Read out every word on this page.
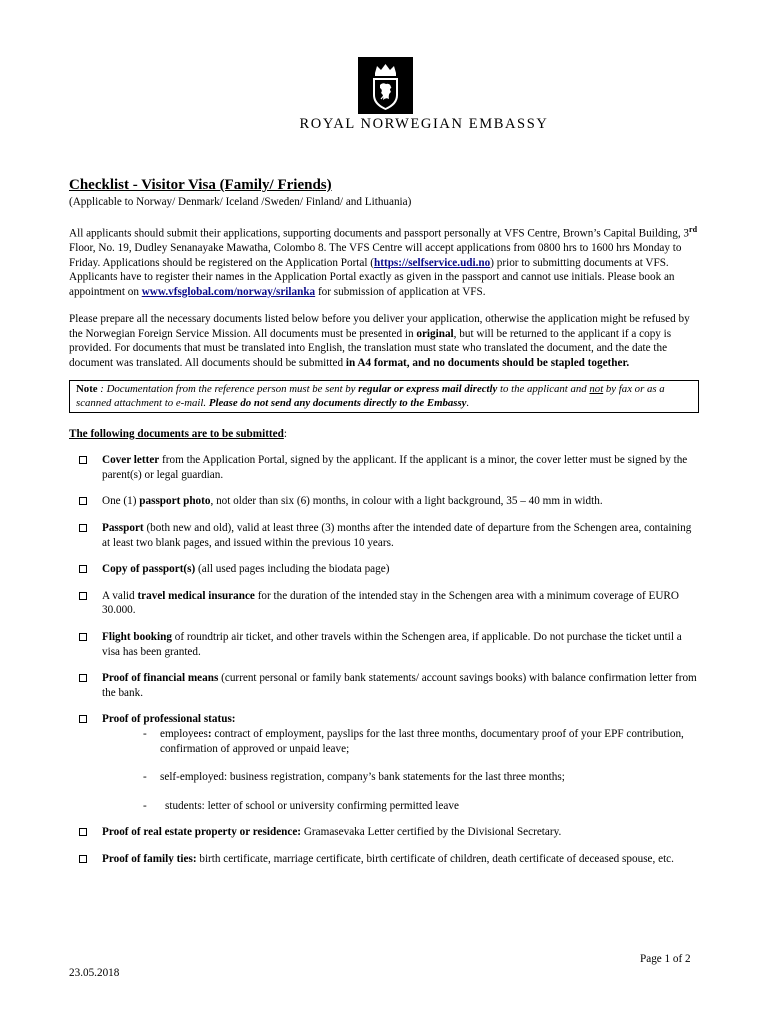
ROYAL NORWEGIAN EMBASSY
Checklist - Visitor Visa (Family/ Friends)
(Applicable to Norway/ Denmark/ Iceland /Sweden/ Finland/ and Lithuania)

All applicants should submit their applications, supporting documents and passport personally at VFS Centre, Brown’s Capital Building, 3rd Floor, No. 19, Dudley Senanayake Mawatha, Colombo 8. The VFS Centre will accept applications from 0800 hrs to 1600 hrs Monday to Friday. Applications should be registered on the Application Portal (https://selfservice.udi.no) prior to submitting documents at VFS. Applicants have to register their names in the Application Portal exactly as given in the passport and cannot use initials. Please book an appointment on www.vfsglobal.com/norway/srilanka for submission of application at VFS.

Please prepare all the necessary documents listed below before you deliver your application, otherwise the application might be refused by the Norwegian Foreign Service Mission. All documents must be presented in original, but will be returned to the applicant if a copy is provided. For documents that must be translated into English, the translation must state who translated the document, and the date the document was translated. All documents should be submitted in A4 format, and no documents should be stapled together.

Note : Documentation from the reference person must be sent by regular or express mail directly to the applicant and not by fax or as a scanned attachment to e-mail. Please do not send any documents directly to the Embassy.
The following documents are to be submitted:
Cover letter from the Application Portal, signed by the applicant. If the applicant is a minor, the cover letter must be signed by the parent(s) or legal guardian.
One (1) passport photo, not older than six (6) months, in colour with a light background, 35 – 40 mm in width.
Passport (both new and old), valid at least three (3) months after the intended date of departure from the Schengen area, containing at least two blank pages, and issued within the previous 10 years.
Copy of passport(s) (all used pages including the biodata page)
A valid travel medical insurance for the duration of the intended stay in the Schengen area with a minimum coverage of EURO 30.000.
Flight booking of roundtrip air ticket, and other travels within the Schengen area, if applicable. Do not purchase the ticket until a visa has been granted.
Proof of financial means (current personal or family bank statements/ account savings books) with balance confirmation letter from the bank.
Proof of professional status:
- employees: contract of employment, payslips for the last three months, documentary proof of your EPF contribution, confirmation of approved or unpaid leave;
- self-employed: business registration, company’s bank statements for the last three months;
- students: letter of school or university confirming permitted leave
Proof of real estate property or residence: Gramasevaka Letter certified by the Divisional Secretary.
Proof of family ties: birth certificate, marriage certificate, birth certificate of children, death certificate of deceased spouse, etc.
Page 1 of 2
23.05.2018
